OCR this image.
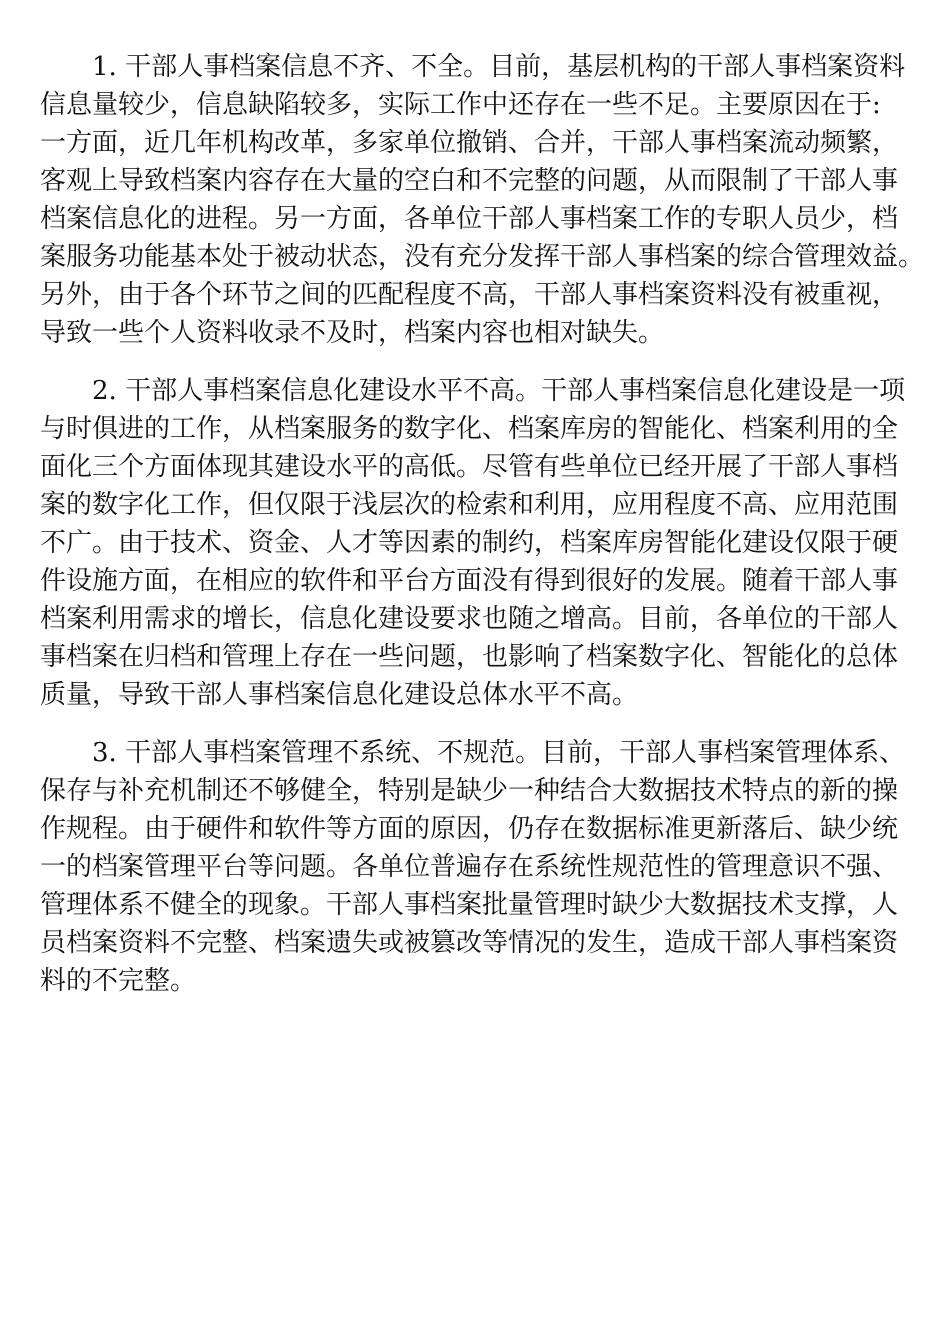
1. 干部人事档案信息不齐、不全。目前，基层机构的干部人事档案资料
信息量较少，信息缺陷较多，实际工作中还存在一些不足。主要原因在于:
一方面，近几年机构改革，多家单位撤销、合并，干部人事档案流动频繁，
客观上导致档案内容存在大量的空白和不完整的问题，从而限制了干部人事
档案信息化的进程。另一方面，各单位干部人事档案工作的专职人员少，档
案服务功能基本处于被动状态，没有充分发挥干部人事档案的综合管理效益。
另外，由于各个环节之间的匹配程度不高，干部人事档案资料没有被重视，
导致一些个人资料收录不及时，档案内容也相对缺失。
2. 干部人事档案信息化建设水平不高。干部人事档案信息化建设是一项
与时俱进的工作，从档案服务的数字化、档案库房的智能化、档案利用的全
面化三个方面体现其建设水平的高低。尽管有些单位已经开展了干部人事档
案的数字化工作，但仅限于浅层次的检索和利用，应用程度不高、应用范围
不广。由于技术、资金、人才等因素的制约，档案库房智能化建设仅限于硬
件设施方面，在相应的软件和平台方面没有得到很好的发展。随着干部人事
档案利用需求的增长，信息化建设要求也随之增高。目前，各单位的干部人
事档案在归档和管理上存在一些问题，也影响了档案数字化、智能化的总体
质量，导致干部人事档案信息化建设总体水平不高。
3. 干部人事档案管理不系统、不规范。目前，干部人事档案管理体系、
保存与补充机制还不够健全，特别是缺少一种结合大数据技术特点的新的操
作规程。由于硬件和软件等方面的原因，仍存在数据标准更新落后、缺少统
一的档案管理平台等问题。各单位普遍存在系统性规范性的管理意识不强、
管理体系不健全的现象。干部人事档案批量管理时缺少大数据技术支撑，人
员档案资料不完整、档案遗失或被篡改等情况的发生，造成干部人事档案资
料的不完整。
